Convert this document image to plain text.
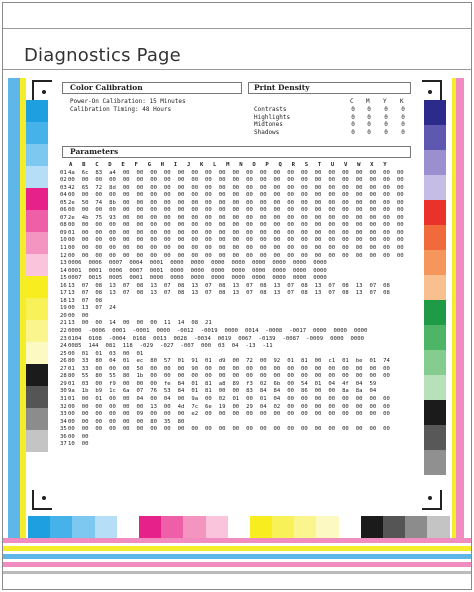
Diagnostics Page
Color Calibration
Power-On Calibration: 15 Minutes
Calibration Timing: 48 Hours
Print Density
C M Y K
Contrasts	0	0	0	0
Highlights	0	0	0	0
Midtones	0	0	0	0
Shadows	0	0	0	0
Parameters
A	B	C	D	E	F	G	H	I	J	K	L	M	N	O	P	Q	R	S	T	U	V	W	X	Y
01 4a 6c 83 a4 00 00 00 00 00 00 00 00 00 00 00 00 00 00 00 00 00 00 00 00 00
02 00 00 00 00 00 00 00 00 00 00 00 00 00 00 00 00 00 00 00 00 00 00 00 00 00
03 42 65 72 8d 00 00 00 00 00 00 00 00 00 00 00 00 00 00 00 00 00 00 00 00 00
04 00 00 00 00 00 00 00 00 00 00 00 00 00 00 00 00 00 00 00 00 00 00 00 00 00
05 2e 50 74 8b 00 00 00 00 00 00 00 00 00 00 00 00 00 00 00 00 00 00 00 00 00
06 00 00 00 00 00 00 00 00 00 00 00 00 00 00 00 00 00 00 00 00 00 00 00 00 00
07 2e 4b 75 93 00 00 00 00 00 00 00 00 00 00 00 00 00 00 00 00 00 00 00 00 00
08 00 00 00 00 00 00 00 00 00 00 00 00 00 00 00 00 00 00 00 00 00 00 00 00 00
09 01 00 00 00 00 00 00 00 00 00 00 00 00 00 00 00 00 00 00 00 00 00 00 00 00
10 00 00 00 00 00 00 00 00 00 00 00 00 00 00 00 00 00 00 00 00 00 00 00 00 00
11 00 00 00 00 00 00 00 00 00 00 00 00 00 00 00 00 00 00 00 00 00 00 00 00 00
12 00 00 00 00 00 00 00 00 00 00 00 00 00 00 00 00 00 00 00 00 00 00 00 00 00
13 0006 0006 0007 0004 0001 0000 0000 0000 0000 0000 0000 0000 0000
14 0001 0001 0006 0007 0001 0000 0000 0000 0000 0000 0000 0000 0000
15 0007 0015 0005 0001 0000 0000 0000 0000 0000 0000 0000 0000 0000
16 13 07 08 13 07 08 13 07 08 13 07 08 13 07 08 13 07 08 13 07 08 13 07 08
17 13 07 08 13 07 08 13 07 08 13 07 08 13 07 08 13 07 08 13 07 08 13 07 08
18 13 07 08
19 00 13 07 24
20 00 00
21 13 00 00 14 00 00 00 11 14 08 21
22 0000 -0006 0001 -0001 0000 -0012 -0019 0000 0014 -0008 -0017 0000 0000 0000
23 0104 0108 -0004 0168 0013 0028 -0034 0019 0067 -0139 -0087 -0009 0000 0000
24 0085 144 081 118 -029 -027 -007 000 03 04 -13 -11
25 00 01 01 03 00 01
26 80 33 80 04 01 ec 80 57 01 91 01 d9 00 72 00 92 01 81 00 c1 01 be 01 74
27 01 33 00 00 00 50 00 00 00 90 00 00 00 00 00 00 00 00 00 00 00 00 00 00
28 80 55 80 55 80 1b 00 00 00 00 00 00 00 00 00 00 00 00 00 00 00 00 00 00
29 01 03 00 f9 00 00 00 fe 84 01 81 a8 89 f3 02 6b 00 54 01 04 4f 04 59
30 9a 1b b9 1c 6a 07 76 53 84 01 81 00 00 83 84 84 00 86 00 00 8a 8a 04
31 01 00 01 00 00 04 00 04 00 9a 00 02 01 00 01 04 00 00 00 00 00 00 00 00
32 00 00 00 00 00 00 13 00 4d 7c 6e 19 00 29 04 02 00 00 00 00 00 00 00 00
33 00 00 00 00 00 09 00 00 00 e2 00 00 00 00 00 00 00 00 00 00 00 00 00 00
34 00 00 00 00 00 00 80 35 80
35 00 00 00 00 00 00 00 00 00 00 00 00 00 00 00 00 00 00 00 00 00 00 00 00
36 00 00
37 10 00
